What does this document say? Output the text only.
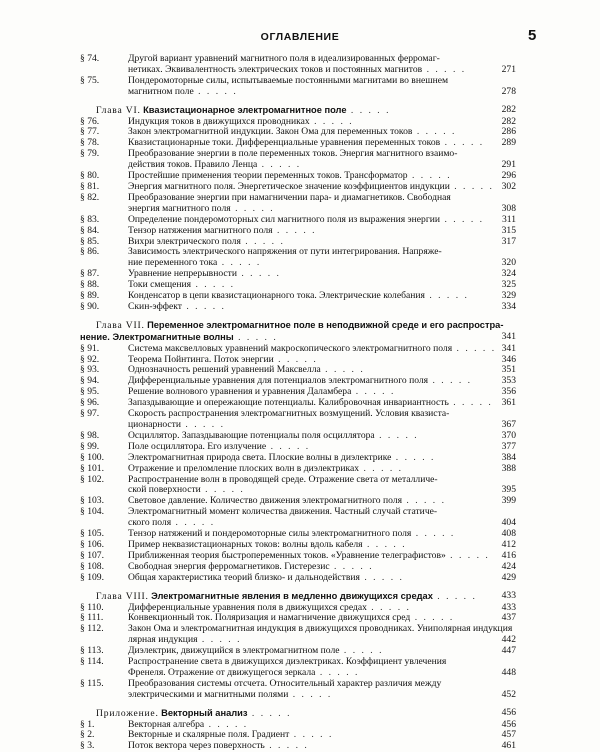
ОГЛАВЛЕНИЕ	5
§ 74.	Другой вариант уравнений магнитного поля в идеализированных ферромаг-
нетиках. Эквивалентность электрических токов и постоянных магнитов . . . . .	271
§ 75.	Пондеромоторные силы, испытываемые постоянными магнитами во внешнем
магнитном поле . . . . .	278
Глава VI. Квазистационарное электромагнитное поле . . . . .	282
§ 76.	Индукция токов в движущихся проводниках . . . . .	282
§ 77.	Закон электромагнитной индукции. Закон Ома для переменных токов . . . . .	286
§ 78.	Квазистационарные токи. Дифференциальные уравнения переменных токов . . . . .	289
§ 79.	Преобразование энергии в поле переменных токов. Энергия магнитного взаимо-
действия токов. Правило Ленца . . . . .	291
§ 80.	Простейшие применения теории переменных токов. Трансформатор . . . . .	296
§ 81.	Энергия магнитного поля. Энергетическое значение коэффициентов индукции . . . . . 302
§ 82.	Преобразование энергии при намагничении пара- и диамагнетиков. Свободная
энергия магнитного поля . . . . .	308
§ 83.	Определение пондеромоторных сил магнитного поля из выражения энергии . . . . .	311
§ 84.	Тензор натяжения магнитного поля . . . . .	315
§ 85.	Вихри электрического поля . . . . .	317
§ 86.	Зависимость электрического напряжения от пути интегрирования. Напряже-
ние переменного тока . . . . .	320
§ 87.	Уравнение непрерывности . . . . .	324
§ 88.	Токи смещения . . . . .	325
§ 89.	Конденсатор в цепи квазистационарного тока. Электрические колебания . . . . .	329
§ 90.	Скин-эффект . . . . .	334
Глава VII. Переменное электромагнитное поле в неподвижной среде и его распростра-
нение. Электромагнитные волны . . . . .	341
§ 91.	Система максвелловых уравнений макроскопического электромагнитного поля . . . . . 341
§ 92.	Теорема Пойнтинга. Поток энергии . . . . .	346
§ 93.	Однозначность решений уравнений Максвелла . . . . .	351
§ 94.	Дифференциальные уравнения для потенциалов электромагнитного поля . . . . .	353
§ 95.	Решение волнового уравнения и уравнения Даламбера . . . . .	356
§ 96.	Запаздывающие и опережающие потенциалы. Калибровочная инвариантность . . . . . 361
§ 97.	Скорость распространения электромагнитных возмущений. Условия квазиста-
ционарности . . . . .	367
§ 98.	Осциллятор. Запаздывающие потенциалы поля осциллятора . . . . .	370
§ 99.	Поле осциллятора. Его излучение . . . . .	377
§ 100.	Электромагнитная природа света. Плоские волны в диэлектрике . . . . .	384
§ 101.	Отражение и преломление плоских волн в диэлектриках . . . . .	388
§ 102.	Распространение волн в проводящей среде. Отражение света от металличе-
ской поверхности . . . . .	395
§ 103.	Световое давление. Количество движения электромагнитного поля . . . . .	399
§ 104.	Электромагнитный момент количества движения. Частный случай статиче-
ского поля . . . . .	404
§ 105.	Тензор натяжений и пондеромоторные силы электромагнитного поля . . . . .	408
§ 106.	Пример неквазистационарных токов: волны вдоль кабеля . . . . .	412
§ 107.	Приближенная теория быстропеременных токов. «Уравнение телеграфистов» . . . . .	416
§ 108.	Свободная энергия ферромагнетиков. Гистерезис . . . . .	424
§ 109.	Общая характеристика теорий близко- и дальнодействия . . . . .	429
Глава VIII. Электромагнитные явления в медленно движущихся средах . . . . .	433
§ 110.	Дифференциальные уравнения поля в движущихся средах . . . . .	433
§ 111.	Конвекционный ток. Поляризация и намагничение движущихся сред . . . . .	437
§ 112.	Закон Ома и электромагнитная индукция в движущихся проводниках. Униполярная индукция
лярная индукция . . . . .	442
§ 113.	Диэлектрик, движущийся в электромагнитном поле . . . . .	447
§ 114.	Распространение света в движущихся диэлектриках. Коэффициент увлечения
Френеля. Отражение от движущегося зеркала . . . . .	448
§ 115.	Преобразования системы отсчета. Относительный характер различия между
электрическими и магнитными полями . . . . .	452
Приложение. Векторный анализ . . . . .	456
§ 1.	Векторная алгебра . . . . .	456
§ 2.	Векторные и скалярные поля. Градиент . . . . .	457
§ 3.	Поток вектора через поверхность . . . . .	461
